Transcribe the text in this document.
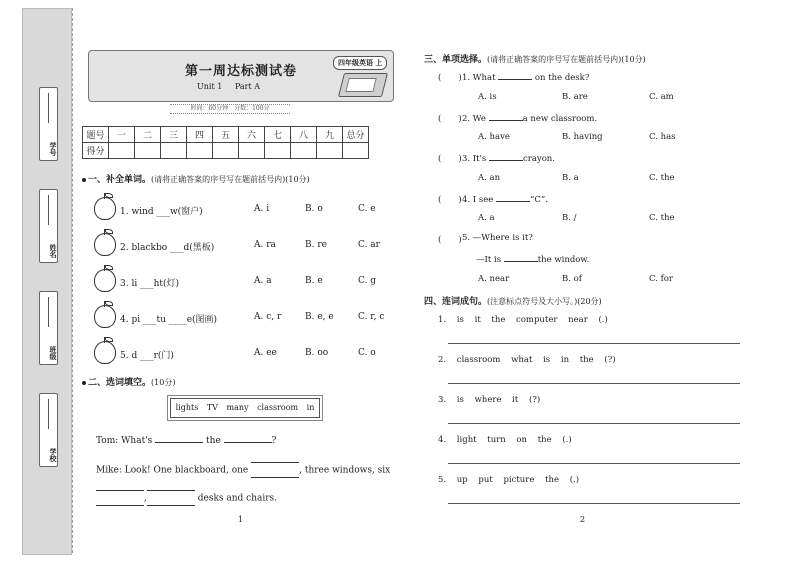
学号
姓名
班级
学校
第一周达标测试卷
Unit 1 Part A
四年级英语 上
时间：60分钟　分数：100分
题号	一	二	三	四	五	六	七	八	九	总分
得分										
一、补全单词。(请将正确答案的序号写在题前括号内)(10分)
1. wind ___w(窗户)	A. i	B. o	C. e
2. blackbo ___d(黑板)	A. ra	B. re	C. ar
3. li ___ht(灯)	A. a	B. e	C. g
4. pi ___tu ____e(图画)	A. c, r	B. e, e	C. r, c
5. d ___r(门)	A. ee	B. oo	C. o
二、选词填空。(10分)
lights TV many classroom in
Tom: What's	the	?
Mike: Look! One blackboard, one	, three windows, six
,	desks and chairs.
1
三、单项选择。(请将正确答案的序号写在题前括号内)(10分)
(　　) 1. What	on the desk?
A. is	B. are	C. am
(　　) 2. We	a new classroom.
A. have	B. having	C. has
(　　) 3. It's	crayon.
A. an	B. a	C. the
(　　) 4. I see	“C”.
A. a	B. /	C. the
(　　) 5. —Where is it?
—It is	the window.
A. near	B. of	C. for
四、连词成句。(注意标点符号及大小写。)(20分)
1. is it the computer near (.)
2. classroom what is in the (?)
3. is where it (?)
4. light turn on the (.)
5. up put picture the (.)
2
